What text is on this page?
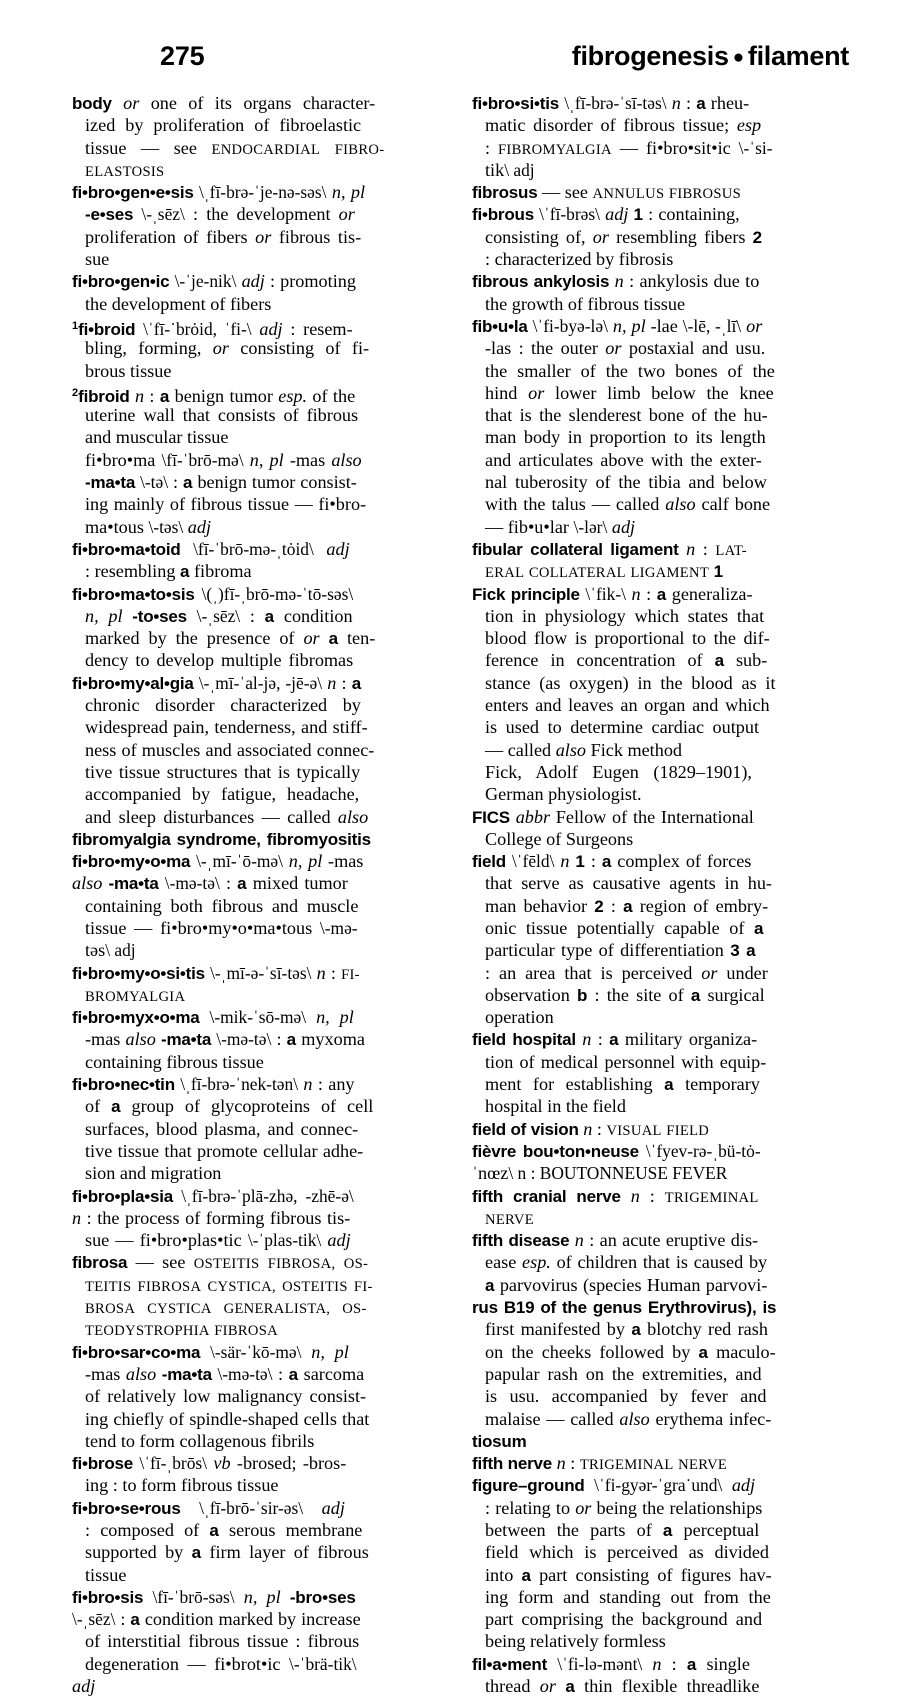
275	fibrogenesis ● filament
body or one of its organs character-
ized by proliferation of fibroelastic
tissue — see ENDOCARDIAL FIBRO-
ELASTOSIS
fi•bro•gen•e•sis \ˌfī-brə-ˈje-nə-səs\ n, pl
-e•ses \-ˌsēz\ : the development or
proliferation of fibers or fibrous tis-
sue
fi•bro•gen•ic \-ˈje-nik\ adj : promoting
the development of fibers
$^1$fi•broid \ˈfī-˙brȯid, ˈfi-\ adj : resem-
bling, forming, or consisting of fi-
brous tissue
$^2$fibroid n : a benign tumor esp. of the
uterine wall that consists of fibrous
and muscular tissue
fi•bro•ma \fī-ˈbrō-mə\ n, pl -mas also
-ma•ta \-tə\ : a benign tumor consist-
ing mainly of fibrous tissue — fi•bro-
ma•tous \-təs\ adj
fi•bro•ma•toid \fī-ˈbrō-mə-ˌtȯid\ adj
: resembling a fibroma
fi•bro•ma•to•sis \(ˌ)fī-ˌbrō-mə-ˈtō-səs\
n, pl -to•ses \-ˌsēz\ : a condition
marked by the presence of or a ten-
dency to develop multiple fibromas
fi•bro•my•al•gia \-ˌmī-ˈal-jə, -jē-ə\ n : a
chronic disorder characterized by
widespread pain, tenderness, and stiff-
ness of muscles and associated connec-
tive tissue structures that is typically
accompanied by fatigue, headache,
and sleep disturbances — called also
fibromyalgia syndrome, fibromyositis
fi•bro•my•o•ma \-ˌmī-ˈō-mə\ n, pl -mas
also -ma•ta \-mə-tə\ : a mixed tumor
containing both fibrous and muscle
tissue — fi•bro•my•o•ma•tous \-mə-
təs\ adj
fi•bro•my•o•si•tis \-ˌmī-ə-ˈsī-təs\ n : FI-
BROMYALGIA
fi•bro•myx•o•ma \-mik-ˈsō-mə\ n, pl
-mas also -ma•ta \-mə-tə\ : a myxoma
containing fibrous tissue
fi•bro•nec•tin \ˌfī-brə-ˈnek-tən\ n : any
of a group of glycoproteins of cell
surfaces, blood plasma, and connec-
tive tissue that promote cellular adhe-
sion and migration
fi•bro•pla•sia \ˌfī-brə-ˈplā-zhə, -zhē-ə\
n : the process of forming fibrous tis-
sue — fi•bro•plas•tic \-ˈplas-tik\ adj
fibrosa — see OSTEITIS FIBROSA, OS-
TEITIS FIBROSA CYSTICA, OSTEITIS FI-
BROSA CYSTICA GENERALISTA, OS-
TEODYSTROPHIA FIBROSA
fi•bro•sar•co•ma \-sär-ˈkō-mə\ n, pl
-mas also -ma•ta \-mə-tə\ : a sarcoma
of relatively low malignancy consist-
ing chiefly of spindle-shaped cells that
tend to form collagenous fibrils
fi•brose \ˈfī-ˌbrōs\ vb -brosed; -bros-
ing : to form fibrous tissue
fi•bro•se•rous \ˌfī-brō-ˈsir-əs\ adj
: composed of a serous membrane
supported by a firm layer of fibrous
tissue
fi•bro•sis \fī-ˈbrō-səs\ n, pl -bro•ses
\-ˌsēz\ : a condition marked by increase
of interstitial fibrous tissue : fibrous
degeneration — fi•brot•ic \-ˈbrä-tik\
adj
fi•bro•si•tis \ˌfī-brə-ˈsī-təs\ n : a rheu-
matic disorder of fibrous tissue; esp
: FIBROMYALGIA — fi•bro•sit•ic \-ˈsi-
tik\ adj
fibrosus — see ANNULUS FIBROSUS
fi•brous \ˈfī-brəs\ adj 1 : containing,
consisting of, or resembling fibers 2
: characterized by fibrosis
fibrous ankylosis n : ankylosis due to
the growth of fibrous tissue
fib•u•la \ˈfi-byə-lə\ n, pl -lae \-lē, -ˌlī\ or
-las : the outer or postaxial and usu.
the smaller of the two bones of the
hind or lower limb below the knee
that is the slenderest bone of the hu-
man body in proportion to its length
and articulates above with the exter-
nal tuberosity of the tibia and below
with the talus — called also calf bone
— fib•u•lar \-lər\ adj
fibular collateral ligament n : LAT-
ERAL COLLATERAL LIGAMENT 1
Fick principle \ˈfik-\ n : a generaliza-
tion in physiology which states that
blood flow is proportional to the dif-
ference in concentration of a sub-
stance (as oxygen) in the blood as it
enters and leaves an organ and which
is used to determine cardiac output
— called also Fick method
Fick, Adolf Eugen (1829–1901),
German physiologist.
FICS abbr Fellow of the International
College of Surgeons
field \ˈfēld\ n 1 : a complex of forces
that serve as causative agents in hu-
man behavior 2 : a region of embry-
onic tissue potentially capable of a
particular type of differentiation 3 a
: an area that is perceived or under
observation b : the site of a surgical
operation
field hospital n : a military organiza-
tion of medical personnel with equip-
ment for establishing a temporary
hospital in the field
field of vision n : VISUAL FIELD
fièvre bou•ton•neuse \ˈfyev-rə-ˌbü-tȯ-
ˈnœz\ n : BOUTONNEUSE FEVER
fifth cranial nerve n : TRIGEMINAL
NERVE
fifth disease n : an acute eruptive dis-
ease esp. of children that is caused by
a parvovirus (species Human parvovi-
rus B19 of the genus Erythrovirus), is
first manifested by a blotchy red rash
on the cheeks followed by a maculo-
papular rash on the extremities, and
is usu. accompanied by fever and
malaise — called also erythema infec-
tiosum
fifth nerve n : TRIGEMINAL NERVE
figure–ground \ˈfi-gyər-ˈgra˙und\ adj
: relating to or being the relationships
between the parts of a perceptual
field which is perceived as divided
into a part consisting of figures hav-
ing form and standing out from the
part comprising the background and
being relatively formless
fil•a•ment \ˈfi-lə-mənt\ n : a single
thread or a thin flexible threadlike
